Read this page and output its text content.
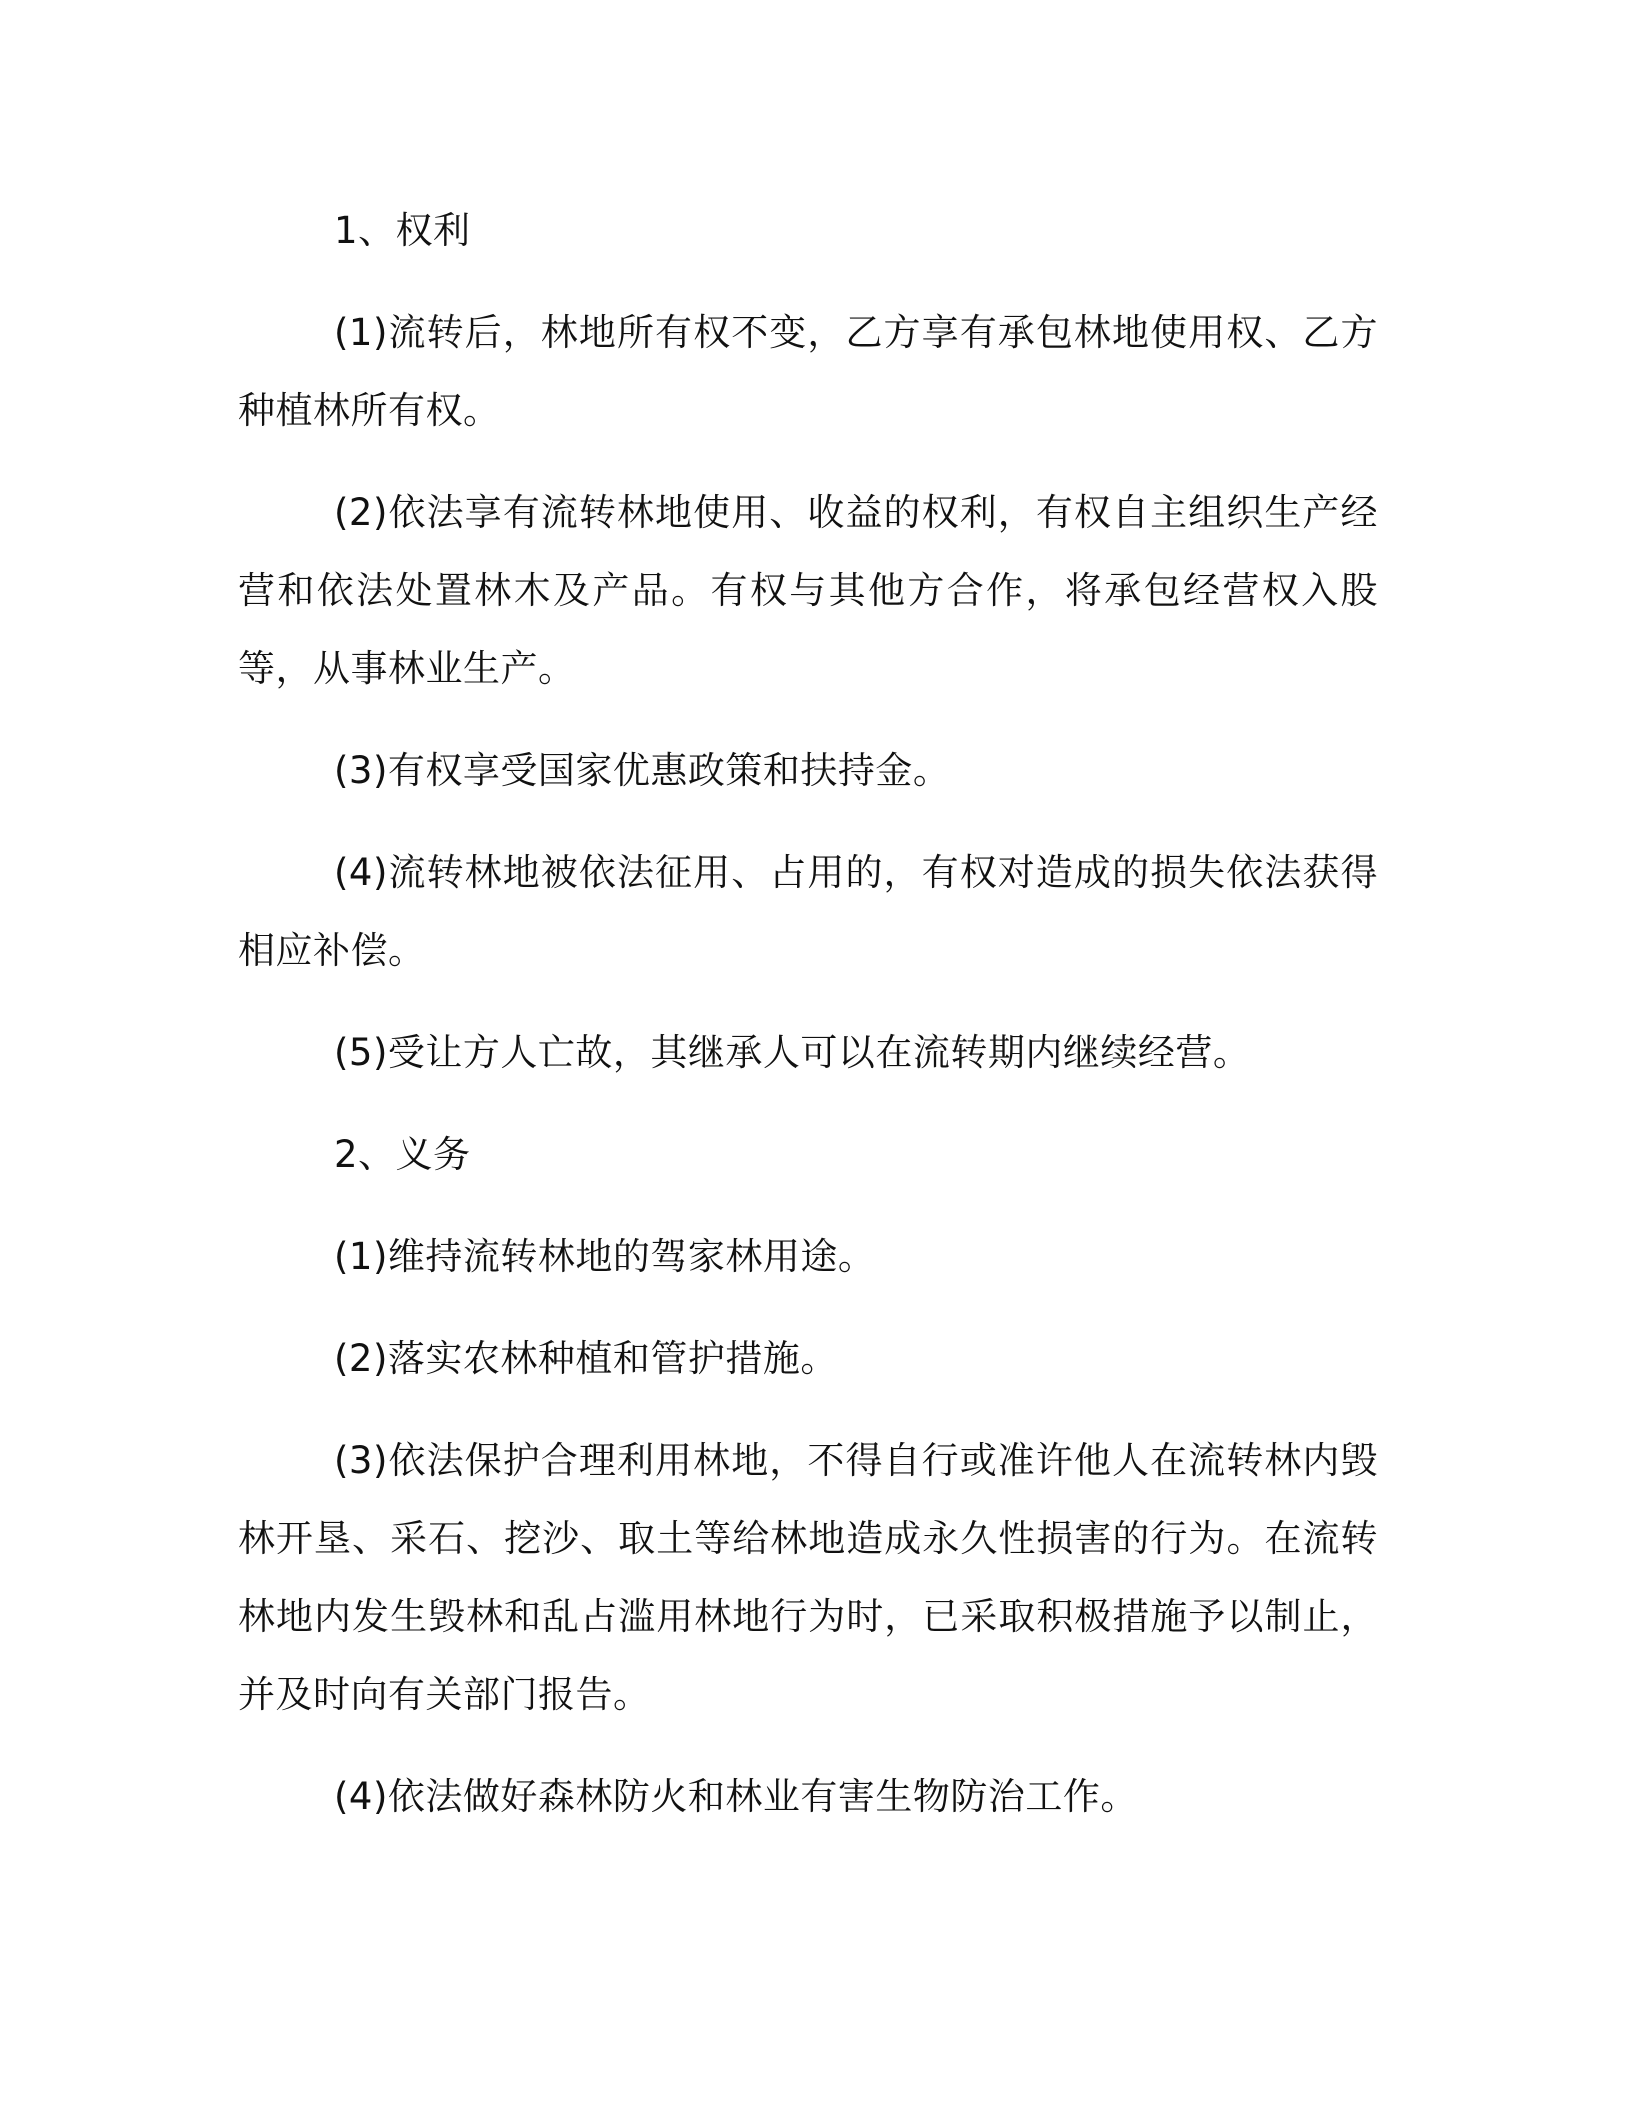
1、权利

(1)流转后，林地所有权不变，乙方享有承包林地使用权、乙方种植林所有权。

(2)依法享有流转林地使用、收益的权利，有权自主组织生产经营和依法处置林木及产品。有权与其他方合作，将承包经营权入股等，从事林业生产。

(3)有权享受国家优惠政策和扶持金。

(4)流转林地被依法征用、占用的，有权对造成的损失依法获得相应补偿。

(5)受让方人亡故，其继承人可以在流转期内继续经营。

2、义务

(1)维持流转林地的驾家林用途。

(2)落实农林种植和管护措施。

(3)依法保护合理利用林地，不得自行或准许他人在流转林内毁林开垦、采石、挖沙、取土等给林地造成永久性损害的行为。在流转林地内发生毁林和乱占滥用林地行为时，已采取积极措施予以制止，并及时向有关部门报告。

(4)依法做好森林防火和林业有害生物防治工作。
